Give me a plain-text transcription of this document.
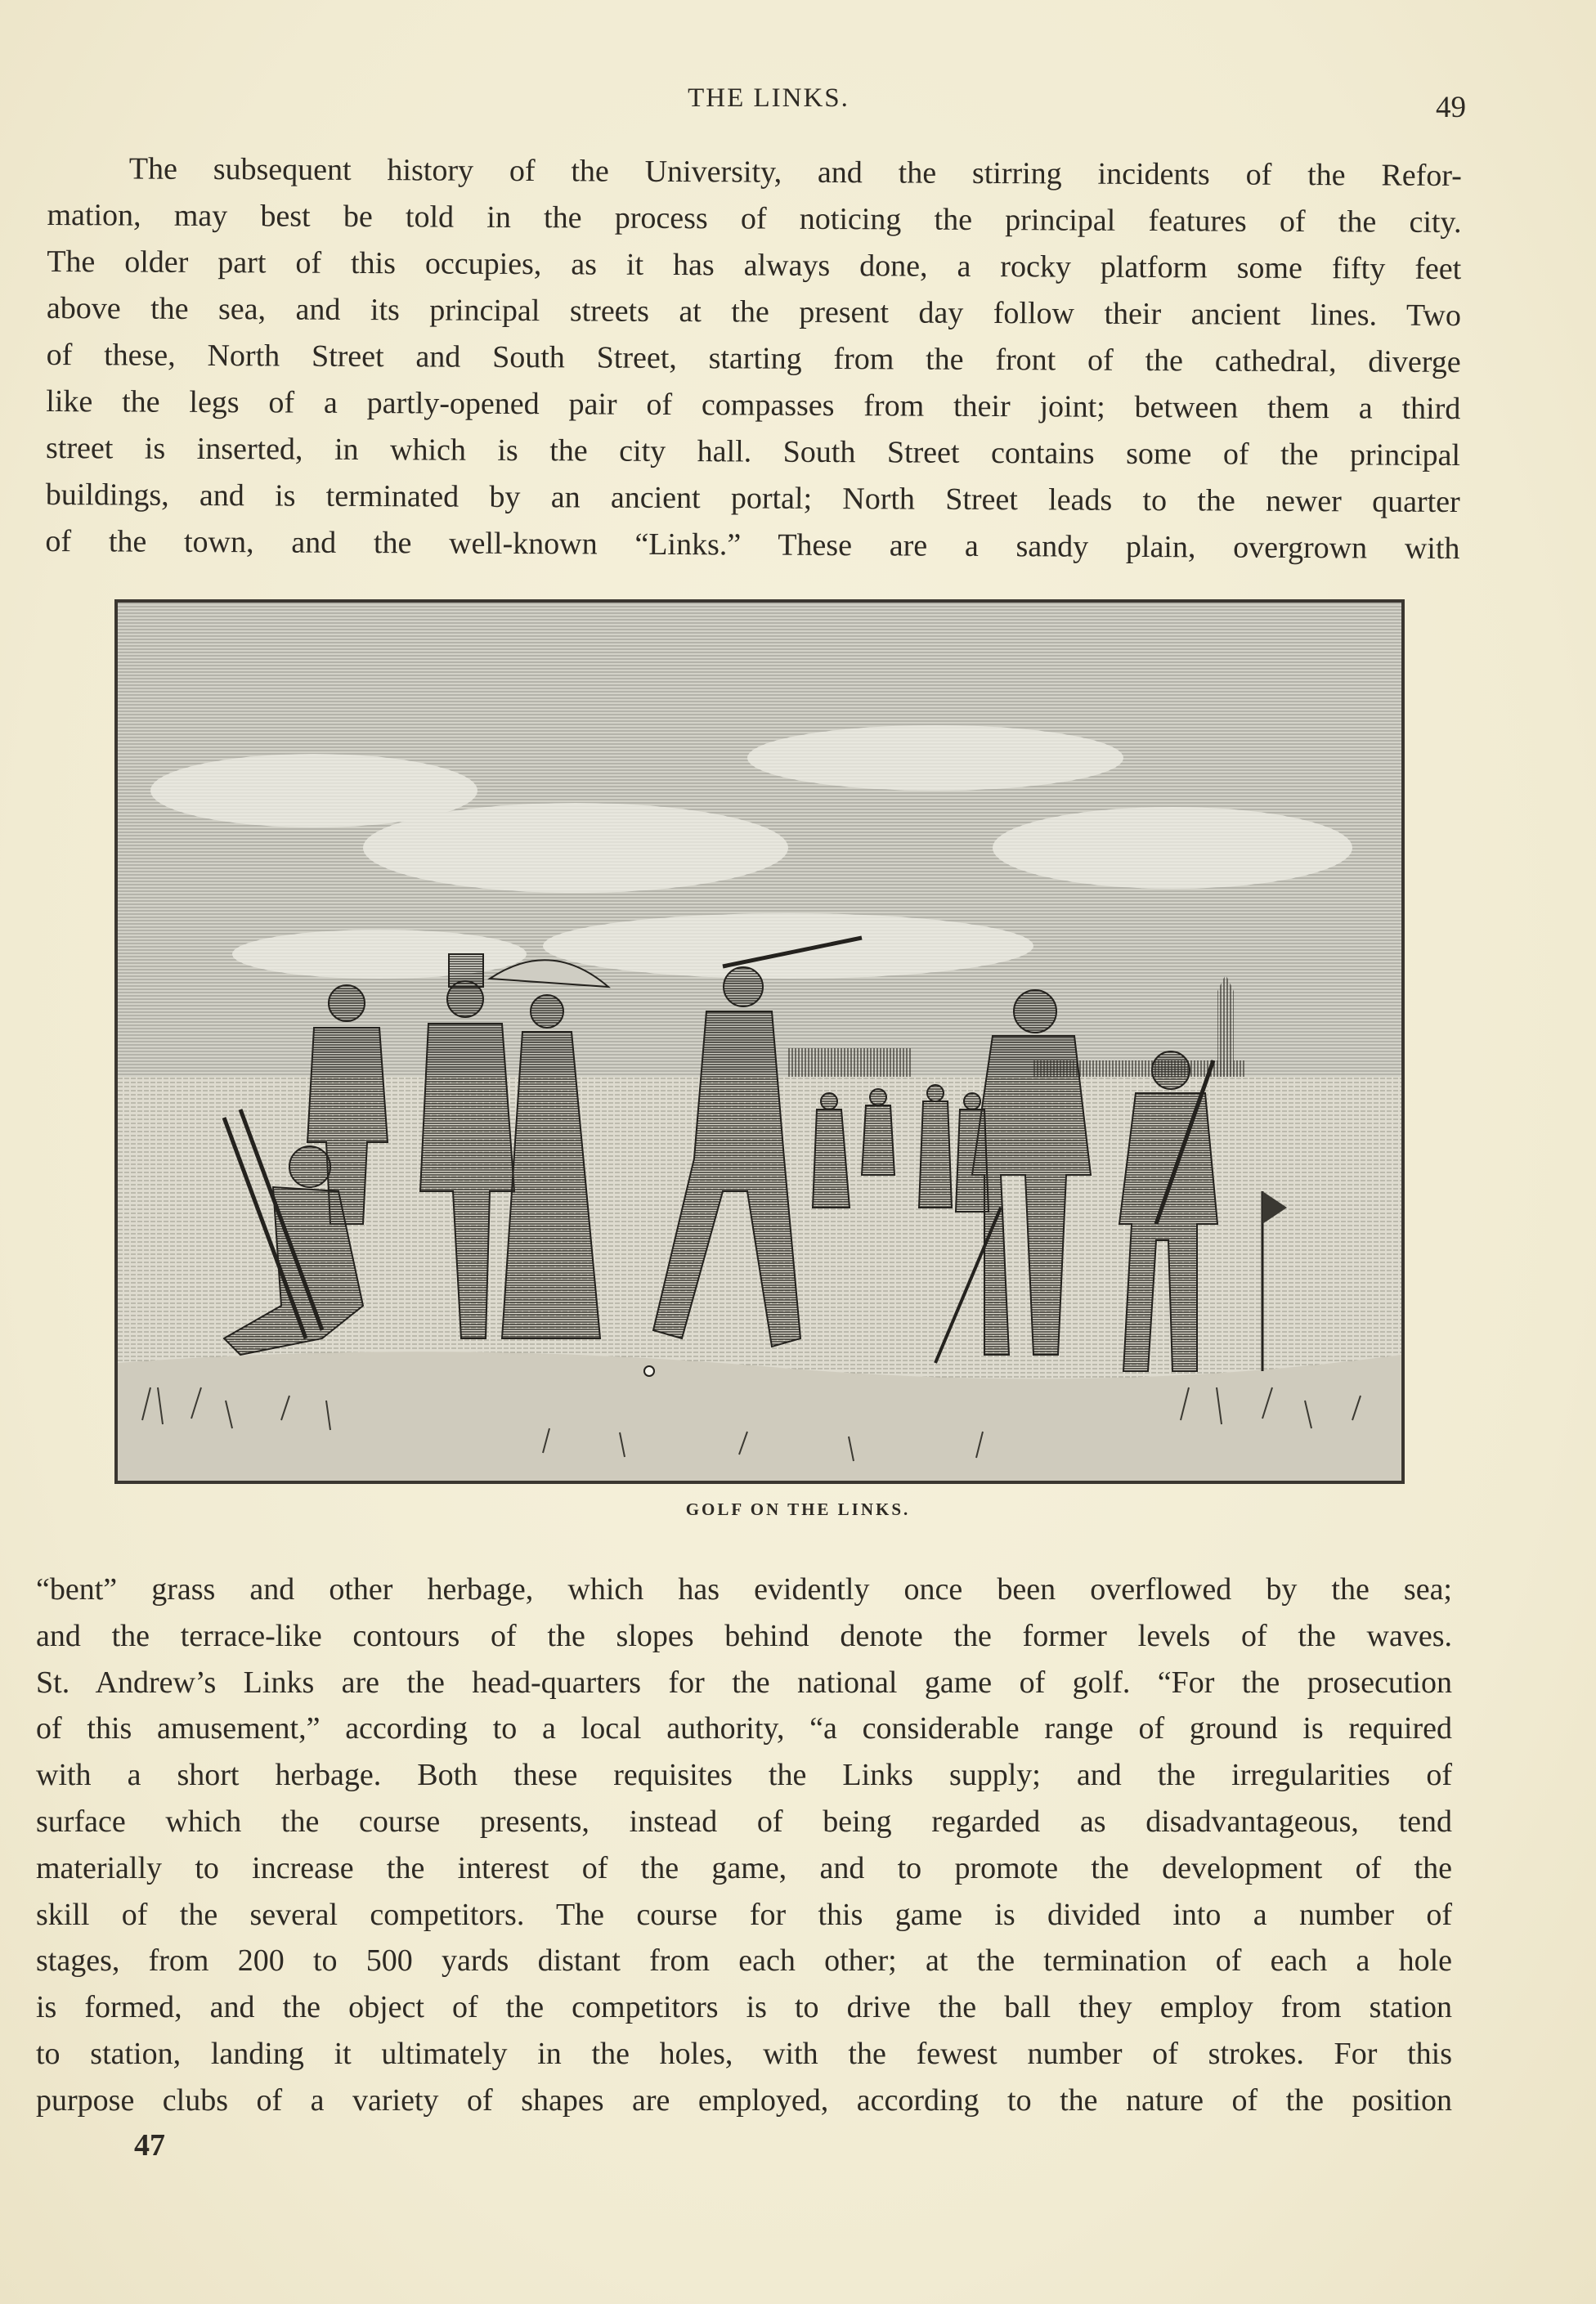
THE LINKS.	49
The subsequent history of the University, and the stirring incidents of the Refor-
mation, may best be told in the process of noticing the principal features of the city.
The older part of this occupies, as it has always done, a rocky platform some fifty feet
above the sea, and its principal streets at the present day follow their ancient lines. Two
of these, North Street and South Street, starting from the front of the cathedral, diverge
like the legs of a partly-opened pair of compasses from their joint; between them a third
street is inserted, in which is the city hall. South Street contains some of the principal
buildings, and is terminated by an ancient portal; North Street leads to the newer quarter
of the town, and the well-known “Links.” These are a sandy plain, overgrown with
GOLF ON THE LINKS.
“bent” grass and other herbage, which has evidently once been overflowed by the sea;
and the terrace-like contours of the slopes behind denote the former levels of the waves.
St. Andrew’s Links are the head-quarters for the national game of golf. “For the prosecution
of this amusement,” according to a local authority, “a considerable range of ground is required
with a short herbage. Both these requisites the Links supply; and the irregularities of
surface which the course presents, instead of being regarded as disadvantageous, tend
materially to increase the interest of the game, and to promote the development of the
skill of the several competitors. The course for this game is divided into a number of
stages, from 200 to 500 yards distant from each other; at the termination of each a hole
is formed, and the object of the competitors is to drive the ball they employ from station
to station, landing it ultimately in the holes, with the fewest number of strokes. For this
purpose clubs of a variety of shapes are employed, according to the nature of the position
47
